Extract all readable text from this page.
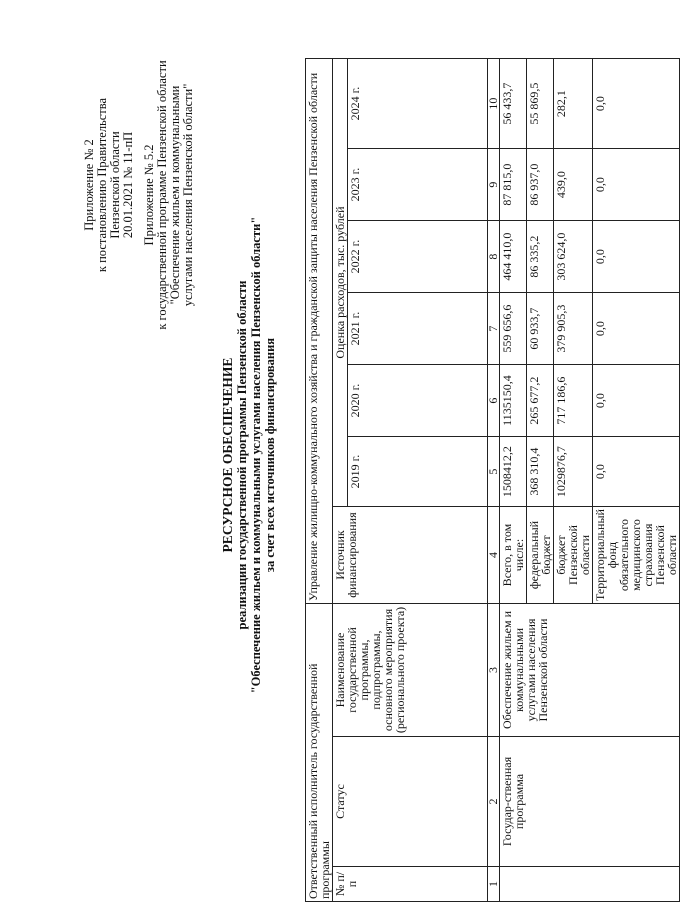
Приложение № 2 к постановлению Правительства Пензенской области 20.01.2021 № 11-пП Приложение № 5.2 к государственной программе Пензенской области "Обеспечение жильем и коммунальными услугами населения Пензенской области"
РЕСУРСНОЕ ОБЕСПЕЧЕНИЕ реализации государственной программы Пензенской области "Обеспечение жильем и коммунальными услугами населения Пензенской области" за счет всех источников финансирования
Ответственный исполнитель государственной программы			Управление жилищно-коммунального хозяйства и гражданской защиты населения Пензенской области						
№ п/п	Статус	Наименование государственной программы, подпрограммы, основного мероприятия (регионального проекта)	Источник финансирования	Оценка расходов, тыс. рублей					
				2019 г.	2020 г.	2021 г.	2022 г.	2023 г.	2024 г.
1	2	3	4	5	6	7	8	9	10
	Государ-ственная программа	Обеспечение жильем и коммунальными услугами населения Пензенской области	Всего, в том числе:	1508412,2	1135150,4	559 656,6	464 410,0	87 815,0	56 433,7
			федеральный бюджет	368 310,4	265 677,2	60 933,7	86 335,2	86 937,0	55 869,5
			бюджет Пензенской области	1029876,7	717 186,6	379 905,3	303 624,0	439,0	282,1
			Территориальный фонд обязательного медицинского страхования Пензенской области	0,0	0,0	0,0	0,0	0,0	0,0
